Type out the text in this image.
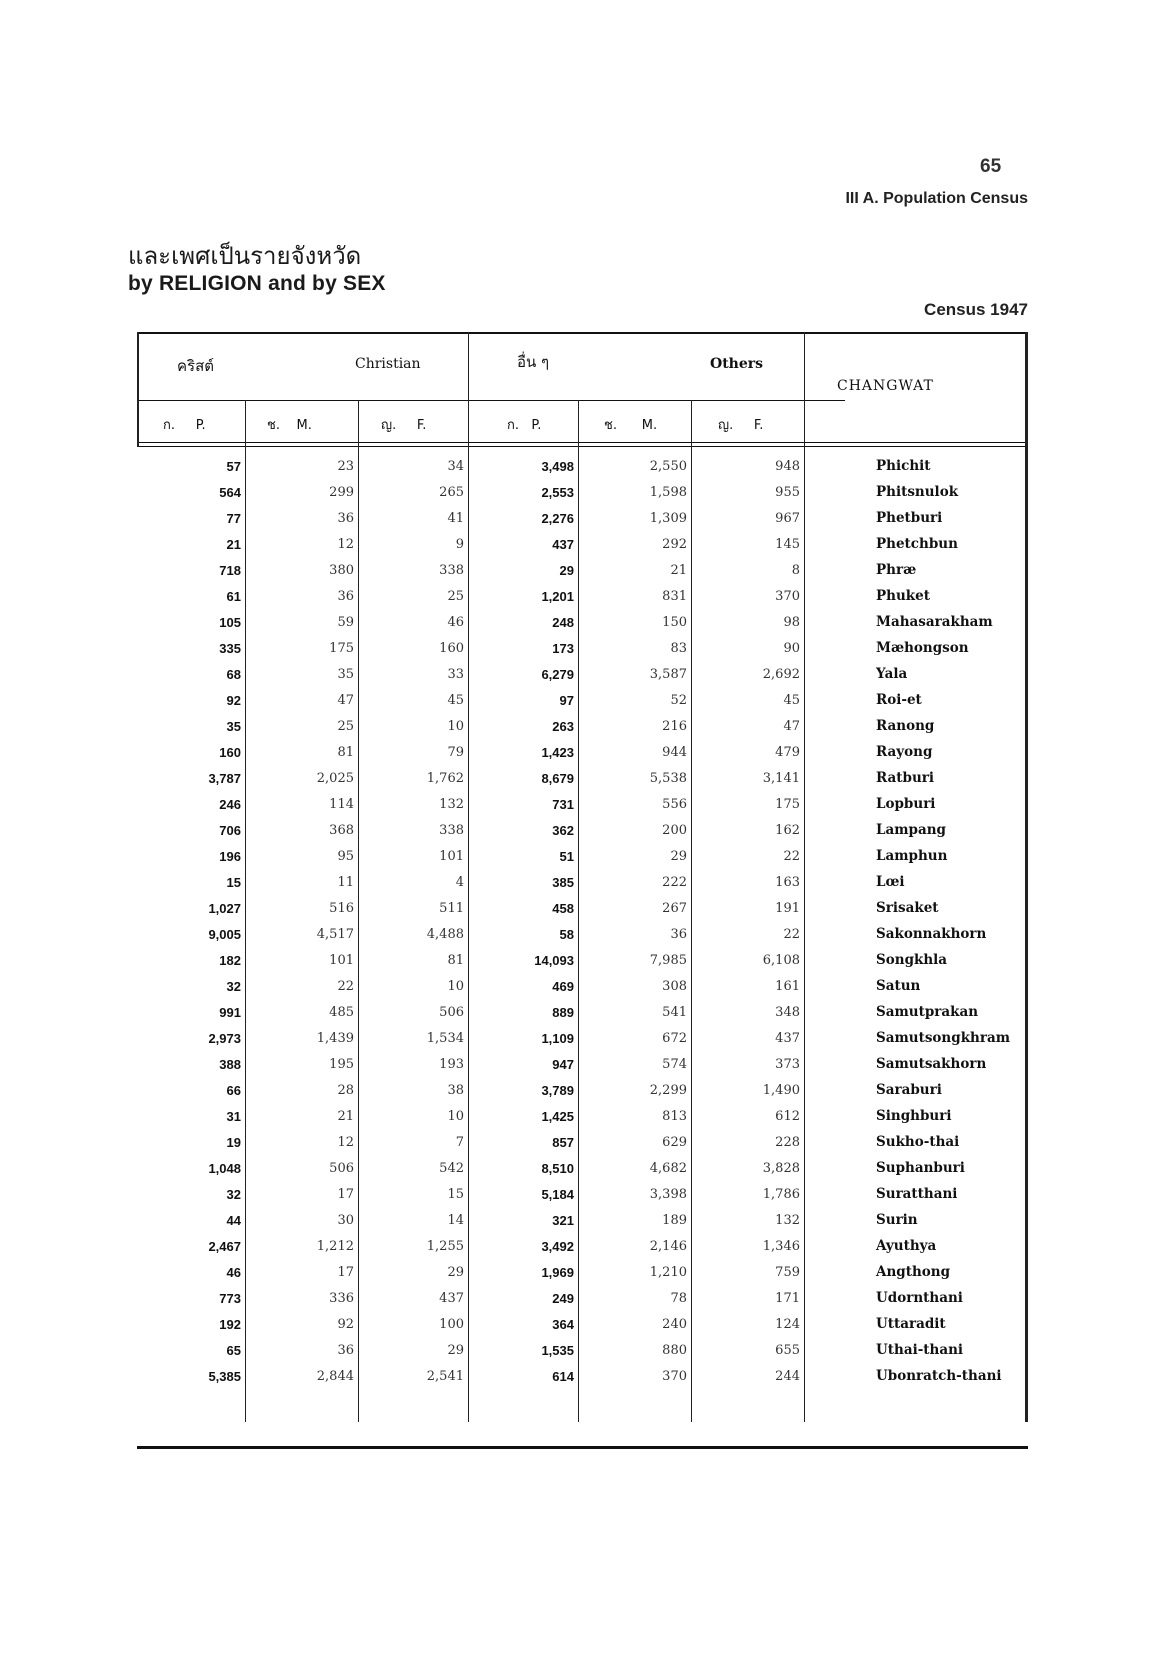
65
III A. Population Census
และเพศเป็นรายจังหวัด
by RELIGION and by SEX
Census 1947
คริสต์	Christian	อื่น ๆ	Others
CHANGWAT
ก. P.	ช. M.	ญ. F.	ก. P.	ช. M.	ญ. F.
57	23	34	3,498	2,550	948	Phichit
564	299	265	2,553	1,598	955	Phitsnulok
77	36	41	2,276	1,309	967	Phetburi
21	12	9	437	292	145	Phetchbun
718	380	338	29	21	8	Phræ
61	36	25	1,201	831	370	Phuket
105	59	46	248	150	98	Mahasarakham
335	175	160	173	83	90	Mæhongson
68	35	33	6,279	3,587	2,692	Yala
92	47	45	97	52	45	Roi-et
35	25	10	263	216	47	Ranong
160	81	79	1,423	944	479	Rayong
3,787	2,025	1,762	8,679	5,538	3,141	Ratburi
246	114	132	731	556	175	Lopburi
706	368	338	362	200	162	Lampang
196	95	101	51	29	22	Lamphun
15	11	4	385	222	163	Lœi
1,027	516	511	458	267	191	Srisaket
9,005	4,517	4,488	58	36	22	Sakonnakhorn
182	101	81	14,093	7,985	6,108	Songkhla
32	22	10	469	308	161	Satun
991	485	506	889	541	348	Samutprakan
2,973	1,439	1,534	1,109	672	437	Samutsongkhram
388	195	193	947	574	373	Samutsakhorn
66	28	38	3,789	2,299	1,490	Saraburi
31	21	10	1,425	813	612	Singhburi
19	12	7	857	629	228	Sukho-thai
1,048	506	542	8,510	4,682	3,828	Suphanburi
32	17	15	5,184	3,398	1,786	Suratthani
44	30	14	321	189	132	Surin
2,467	1,212	1,255	3,492	2,146	1,346	Ayuthya
46	17	29	1,969	1,210	759	Angthong
773	336	437	249	78	171	Udornthani
192	92	100	364	240	124	Uttaradit
65	36	29	1,535	880	655	Uthai-thani
5,385	2,844	2,541	614	370	244	Ubonratch-thani
